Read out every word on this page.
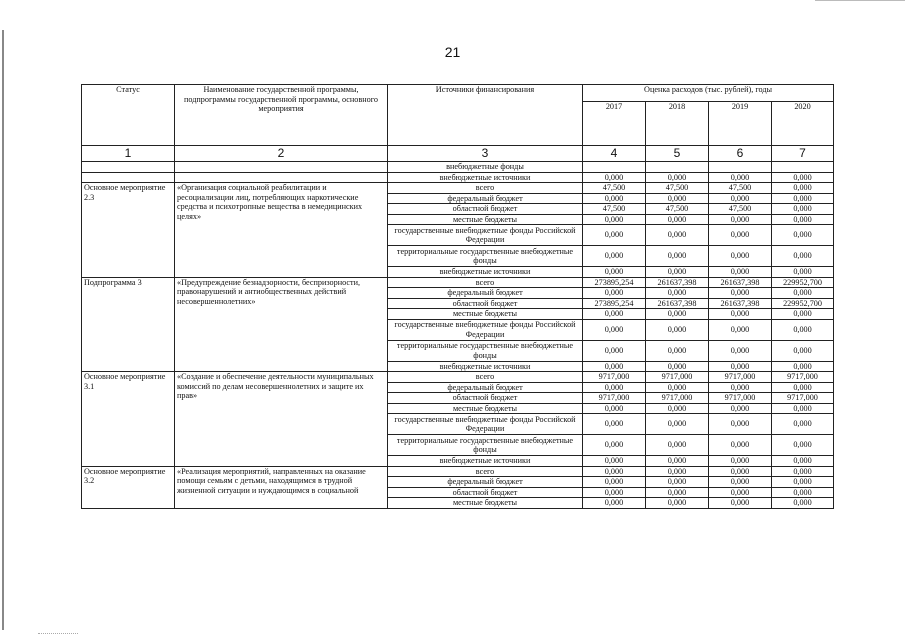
21
Статус	Наименование государственной программы, подпрограммы государственной программы, основного мероприятия	Источники финансирования	Оценка расходов (тыс. рублей), годы			
			2017	2018	2019	2020
1	2	3	4	5	6	7
		внебюджетные фонды				
		внебюджетные источники	0,000	0,000	0,000	0,000
Основное мероприятие 2.3	«Организация социальной реабилитации и ресоциализации лиц, потребляющих наркотические средства и психотропные вещества в немедицинских целях»	всего	47,500	47,500	47,500	0,000
		федеральный бюджет	0,000	0,000	0,000	0,000
		областной бюджет	47,500	47,500	47,500	0,000
		местные бюджеты	0,000	0,000	0,000	0,000
		государственные внебюджетные фонды Российской Федерации	0,000	0,000	0,000	0,000
		территориальные государственные внебюджетные фонды	0,000	0,000	0,000	0,000
		внебюджетные источники	0,000	0,000	0,000	0,000
Подпрограмма 3	«Предупреждение безнадзорности, беспризорности, правонарушений и антиобщественных действий несовершеннолетних»	всего	273895,254	261637,398	261637,398	229952,700
		федеральный бюджет	0,000	0,000	0,000	0,000
		областной бюджет	273895,254	261637,398	261637,398	229952,700
		местные бюджеты	0,000	0,000	0,000	0,000
		государственные внебюджетные фонды Российской Федерации	0,000	0,000	0,000	0,000
		территориальные государственные внебюджетные фонды	0,000	0,000	0,000	0,000
		внебюджетные источники	0,000	0,000	0,000	0,000
Основное мероприятие 3.1	«Создание и обеспечение деятельности муниципальных комиссий по делам несовершеннолетних и защите их прав»	всего	9717,000	9717,000	9717,000	9717,000
		федеральный бюджет	0,000	0,000	0,000	0,000
		областной бюджет	9717,000	9717,000	9717,000	9717,000
		местные бюджеты	0,000	0,000	0,000	0,000
		государственные внебюджетные фонды Российской Федерации	0,000	0,000	0,000	0,000
		территориальные государственные внебюджетные фонды	0,000	0,000	0,000	0,000
		внебюджетные источники	0,000	0,000	0,000	0,000
Основное мероприятие 3.2	«Реализация мероприятий, направленных на оказание помощи семьям с детьми, находящимся в трудной жизненной ситуации и нуждающимся в социальной	всего	0,000	0,000	0,000	0,000
		федеральный бюджет	0,000	0,000	0,000	0,000
		областной бюджет	0,000	0,000	0,000	0,000
		местные бюджеты	0,000	0,000	0,000	0,000
